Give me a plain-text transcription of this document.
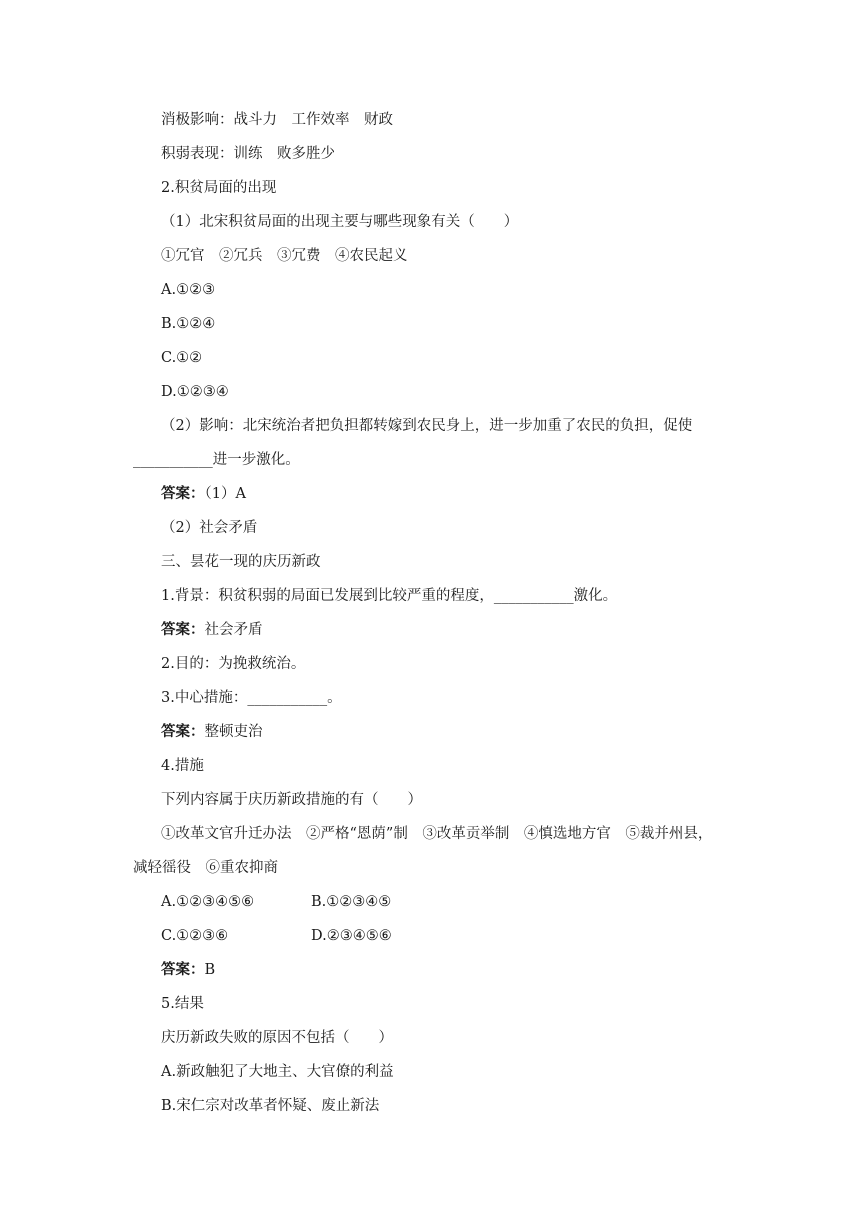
消极影响：战斗力　工作效率　财政
积弱表现：训练　败多胜少
2.积贫局面的出现
（1）北宋积贫局面的出现主要与哪些现象有关（　　）
①冗官　②冗兵　③冗费　④农民起义
A.①②③
B.①②④
C.①②
D.①②③④
（2）影响：北宋统治者把负担都转嫁到农民身上，进一步加重了农民的负担，促使
___________进一步激化。
答案：（1）A
（2）社会矛盾
三、昙花一现的庆历新政
1.背景：积贫积弱的局面已发展到比较严重的程度，___________激化。
答案：社会矛盾
2.目的：为挽救统治。
3.中心措施：___________。
答案：整顿吏治
4.措施
下列内容属于庆历新政措施的有（　　）
①改革文官升迁办法　②严格“恩荫”制　③改革贡举制　④慎选地方官　⑤裁并州县，
减轻徭役　⑥重农抑商
A.①②③④⑤⑥	B.①②③④⑤
C.①②③⑥	D.②③④⑤⑥
答案：B
5.结果
庆历新政失败的原因不包括（　　）
A.新政触犯了大地主、大官僚的利益
B.宋仁宗对改革者怀疑、废止新法
